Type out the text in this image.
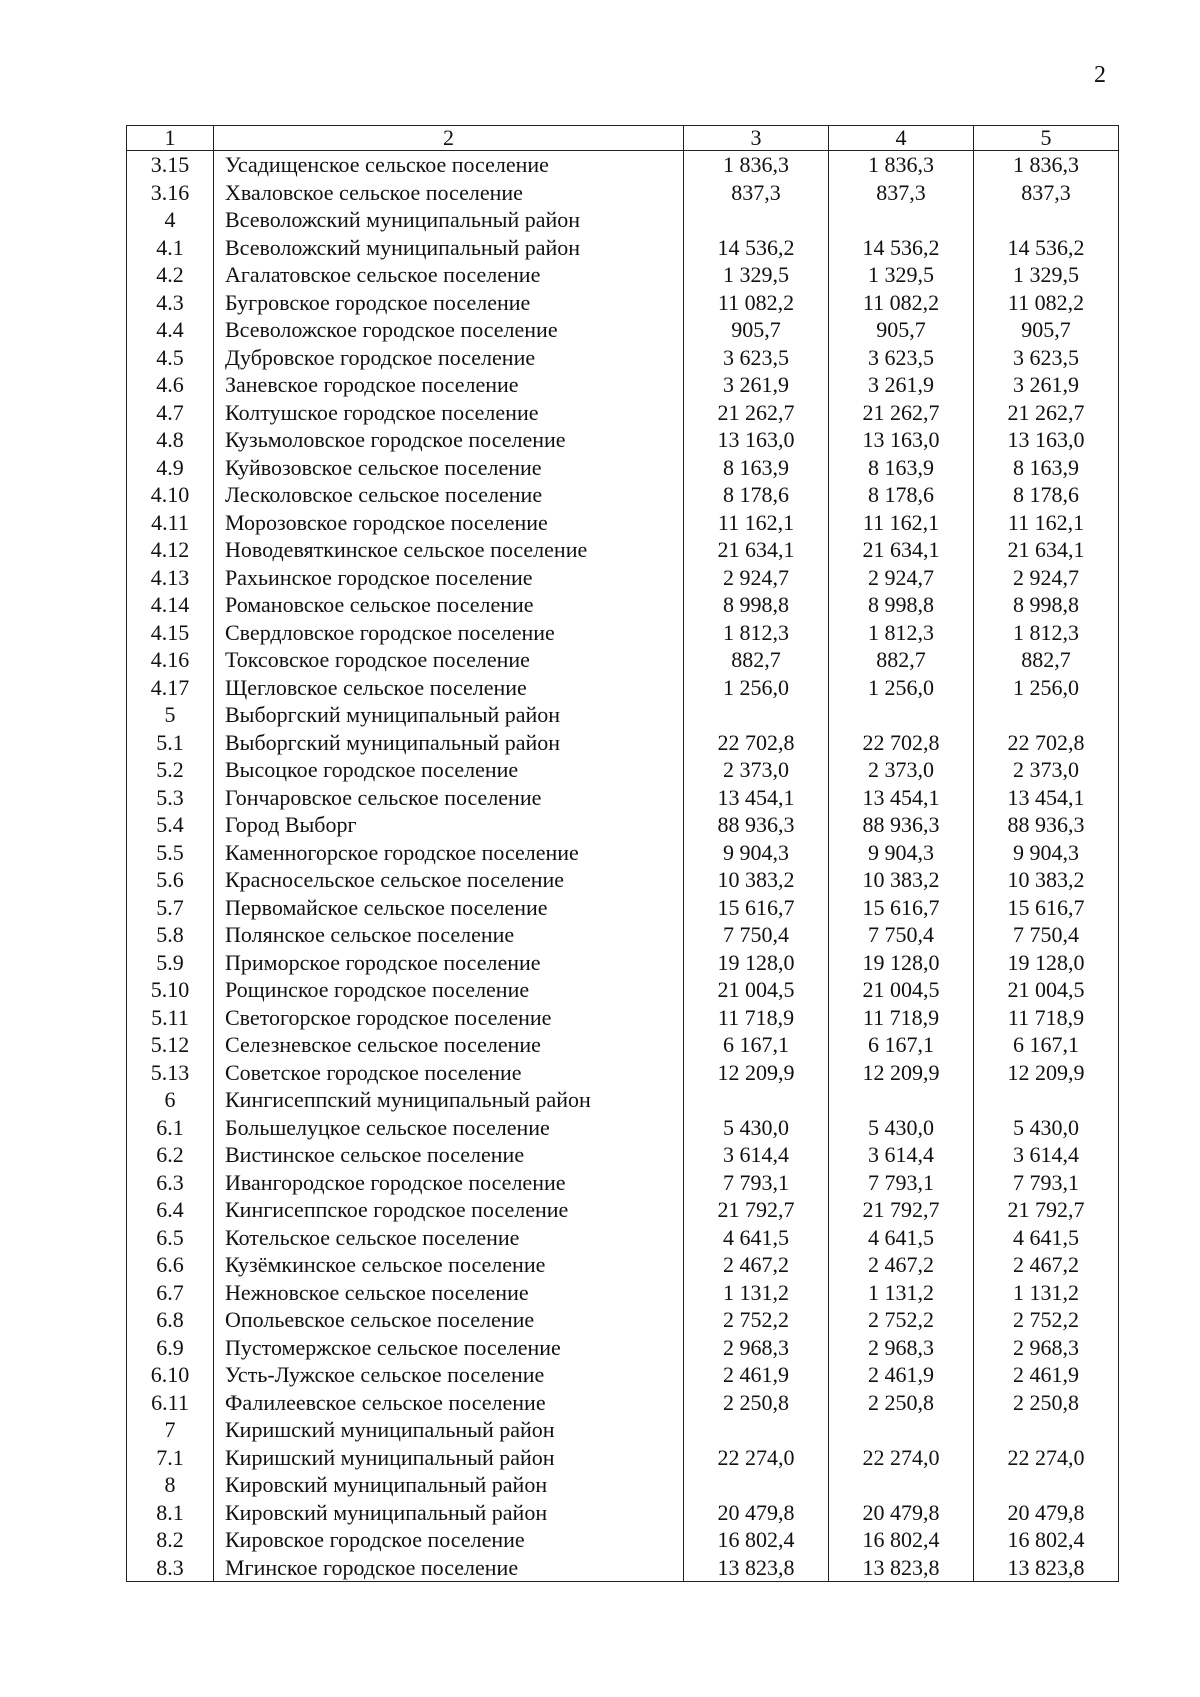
2
1	2	3	4	5
3.15	Усадищенское сельское поселение	1 836,3	1 836,3	1 836,3
3.16	Хваловское сельское поселение	837,3	837,3	837,3
4	Всеволожский муниципальный район			
4.1	Всеволожский муниципальный район	14 536,2	14 536,2	14 536,2
4.2	Агалатовское сельское поселение	1 329,5	1 329,5	1 329,5
4.3	Бугровское городское поселение	11 082,2	11 082,2	11 082,2
4.4	Всеволожское городское поселение	905,7	905,7	905,7
4.5	Дубровское городское поселение	3 623,5	3 623,5	3 623,5
4.6	Заневское городское поселение	3 261,9	3 261,9	3 261,9
4.7	Колтушское городское поселение	21 262,7	21 262,7	21 262,7
4.8	Кузьмоловское городское поселение	13 163,0	13 163,0	13 163,0
4.9	Куйвозовское сельское поселение	8 163,9	8 163,9	8 163,9
4.10	Лесколовское сельское поселение	8 178,6	8 178,6	8 178,6
4.11	Морозовское городское поселение	11 162,1	11 162,1	11 162,1
4.12	Новодевяткинское сельское поселение	21 634,1	21 634,1	21 634,1
4.13	Рахьинское городское поселение	2 924,7	2 924,7	2 924,7
4.14	Романовское сельское поселение	8 998,8	8 998,8	8 998,8
4.15	Свердловское городское поселение	1 812,3	1 812,3	1 812,3
4.16	Токсовское городское поселение	882,7	882,7	882,7
4.17	Щегловское сельское поселение	1 256,0	1 256,0	1 256,0
5	Выборгский муниципальный район			
5.1	Выборгский муниципальный район	22 702,8	22 702,8	22 702,8
5.2	Высоцкое городское поселение	2 373,0	2 373,0	2 373,0
5.3	Гончаровское сельское поселение	13 454,1	13 454,1	13 454,1
5.4	Город Выборг	88 936,3	88 936,3	88 936,3
5.5	Каменногорское городское поселение	9 904,3	9 904,3	9 904,3
5.6	Красносельское сельское поселение	10 383,2	10 383,2	10 383,2
5.7	Первомайское сельское поселение	15 616,7	15 616,7	15 616,7
5.8	Полянское сельское поселение	7 750,4	7 750,4	7 750,4
5.9	Приморское городское поселение	19 128,0	19 128,0	19 128,0
5.10	Рощинское городское поселение	21 004,5	21 004,5	21 004,5
5.11	Светогорское городское поселение	11 718,9	11 718,9	11 718,9
5.12	Селезневское сельское поселение	6 167,1	6 167,1	6 167,1
5.13	Советское городское поселение	12 209,9	12 209,9	12 209,9
6	Кингисеппский муниципальный район			
6.1	Большелуцкое сельское поселение	5 430,0	5 430,0	5 430,0
6.2	Вистинское сельское поселение	3 614,4	3 614,4	3 614,4
6.3	Ивангородское городское поселение	7 793,1	7 793,1	7 793,1
6.4	Кингисеппское городское поселение	21 792,7	21 792,7	21 792,7
6.5	Котельское сельское поселение	4 641,5	4 641,5	4 641,5
6.6	Кузёмкинское сельское поселение	2 467,2	2 467,2	2 467,2
6.7	Нежновское сельское поселение	1 131,2	1 131,2	1 131,2
6.8	Опольевское сельское поселение	2 752,2	2 752,2	2 752,2
6.9	Пустомержское сельское поселение	2 968,3	2 968,3	2 968,3
6.10	Усть-Лужское сельское поселение	2 461,9	2 461,9	2 461,9
6.11	Фалилеевское сельское поселение	2 250,8	2 250,8	2 250,8
7	Киришский муниципальный район			
7.1	Киришский муниципальный район	22 274,0	22 274,0	22 274,0
8	Кировский муниципальный район			
8.1	Кировский муниципальный район	20 479,8	20 479,8	20 479,8
8.2	Кировское городское поселение	16 802,4	16 802,4	16 802,4
8.3	Мгинское городское поселение	13 823,8	13 823,8	13 823,8
